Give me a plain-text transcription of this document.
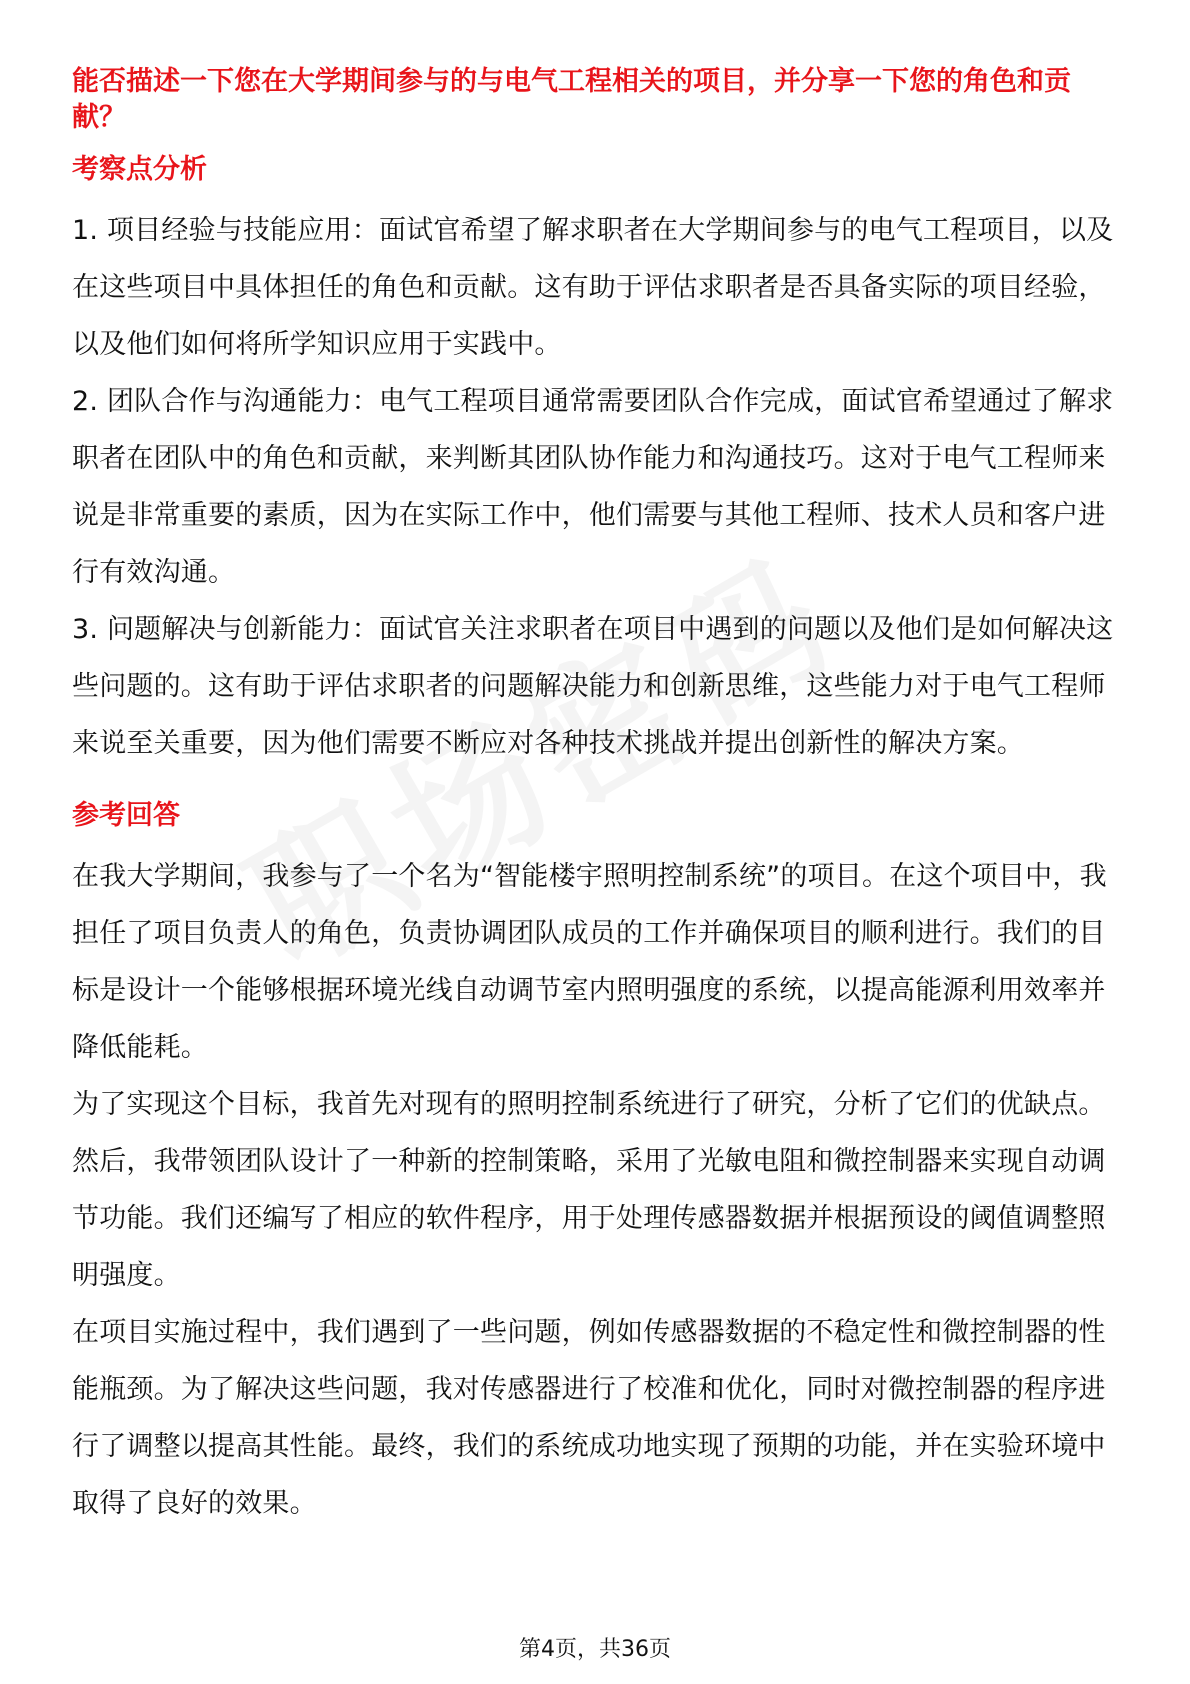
能否描述一下您在大学期间参与的与电气工程相关的项目，并分享一下您的角色和贡献？
考察点分析

1. 项目经验与技能应用：面试官希望了解求职者在大学期间参与的电气工程项目，以及在这些项目中具体担任的角色和贡献。这有助于评估求职者是否具备实际的项目经验，以及他们如何将所学知识应用于实践中。

2. 团队合作与沟通能力：电气工程项目通常需要团队合作完成，面试官希望通过了解求职者在团队中的角色和贡献，来判断其团队协作能力和沟通技巧。这对于电气工程师来说是非常重要的素质，因为在实际工作中，他们需要与其他工程师、技术人员和客户进行有效沟通。

3. 问题解决与创新能力：面试官关注求职者在项目中遇到的问题以及他们是如何解决这些问题的。这有助于评估求职者的问题解决能力和创新思维，这些能力对于电气工程师来说至关重要，因为他们需要不断应对各种技术挑战并提出创新性的解决方案。

参考回答

在我大学期间，我参与了一个名为“智能楼宇照明控制系统”的项目。在这个项目中，我担任了项目负责人的角色，负责协调团队成员的工作并确保项目的顺利进行。我们的目标是设计一个能够根据环境光线自动调节室内照明强度的系统，以提高能源利用效率并降低能耗。

为了实现这个目标，我首先对现有的照明控制系统进行了研究，分析了它们的优缺点。然后，我带领团队设计了一种新的控制策略，采用了光敏电阻和微控制器来实现自动调节功能。我们还编写了相应的软件程序，用于处理传感器数据并根据预设的阈值调整照明强度。

在项目实施过程中，我们遇到了一些问题，例如传感器数据的不稳定性和微控制器的性能瓶颈。为了解决这些问题，我对传感器进行了校准和优化，同时对微控制器的程序进行了调整以提高其性能。最终，我们的系统成功地实现了预期的功能，并在实验环境中取得了良好的效果。

第4页，共36页
